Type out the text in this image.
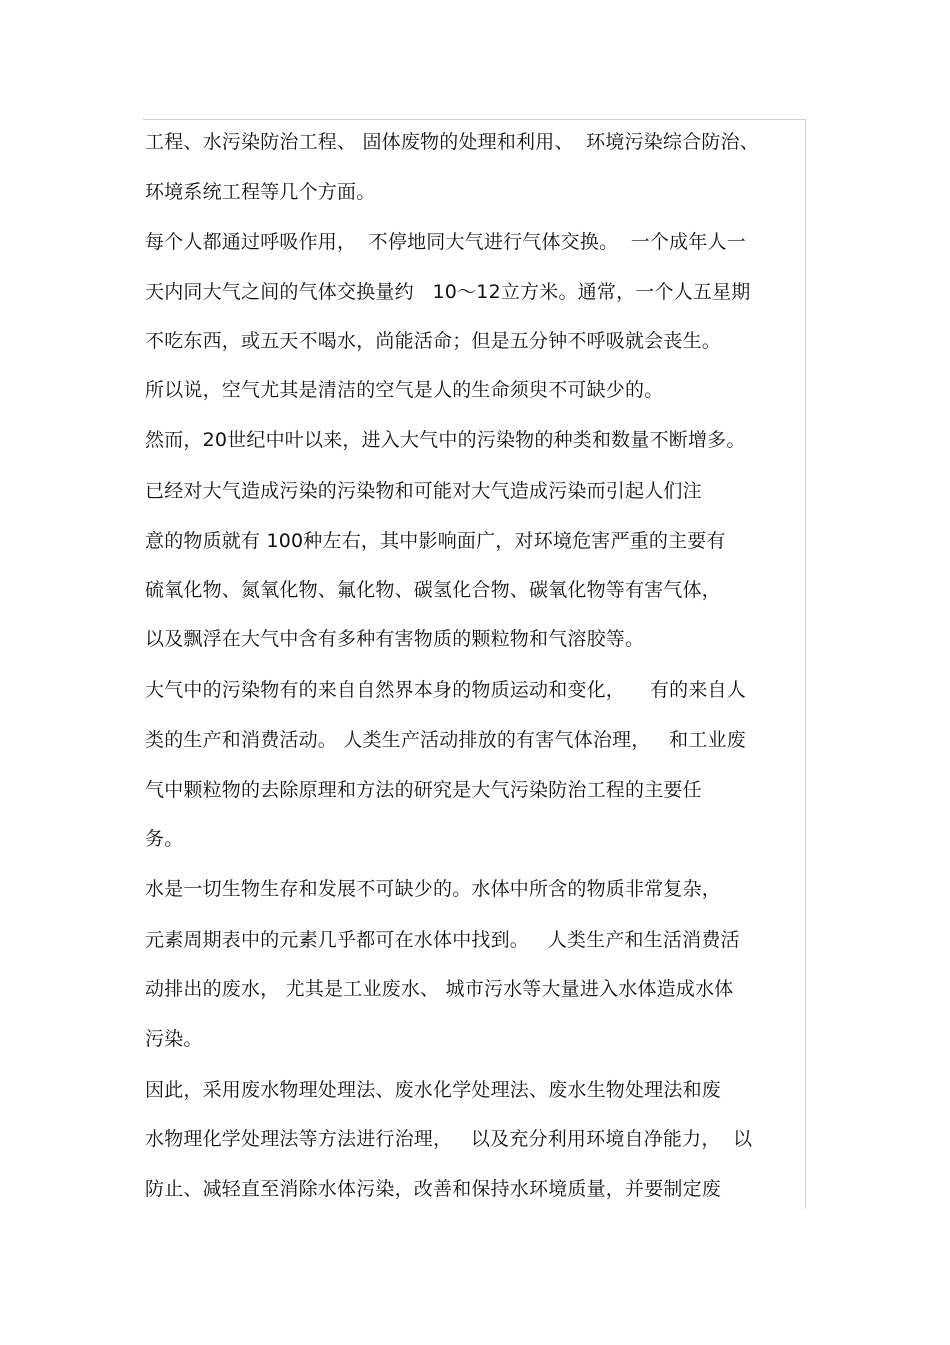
工程、水污染防治工程、 固体废物的处理和利用、  环境污染综合防治、
环境系统工程等几个方面。
每个人都通过呼吸作用，  不停地同大气进行气体交换。  一个成年人一
天内同大气之间的气体交换量约   10～12立方米。通常，一个人五星期
不吃东西，或五天不喝水，尚能活命；但是五分钟不呼吸就会丧生。
所以说，空气尤其是清洁的空气是人的生命须臾不可缺少的。
然而，20世纪中叶以来，进入大气中的污染物的种类和数量不断增多。
已经对大气造成污染的污染物和可能对大气造成污染而引起人们注
意的物质就有 100种左右，其中影响面广，对环境危害严重的主要有
硫氧化物、氮氧化物、氟化物、碳氢化合物、碳氧化物等有害气体，
以及飘浮在大气中含有多种有害物质的颗粒物和气溶胶等。
大气中的污染物有的来自自然界本身的物质运动和变化，    有的来自人
类的生产和消费活动。 人类生产活动排放的有害气体治理，   和工业废
气中颗粒物的去除原理和方法的研究是大气污染防治工程的主要任
务。
水是一切生物生存和发展不可缺少的。水体中所含的物质非常复杂，
元素周期表中的元素几乎都可在水体中找到。   人类生产和生活消费活
动排出的废水， 尤其是工业废水、 城市污水等大量进入水体造成水体
污染。
因此，采用废水物理处理法、废水化学处理法、废水生物处理法和废
水物理化学处理法等方法进行治理，   以及充分利用环境自净能力，  以
防止、减轻直至消除水体污染，改善和保持水环境质量，并要制定废
